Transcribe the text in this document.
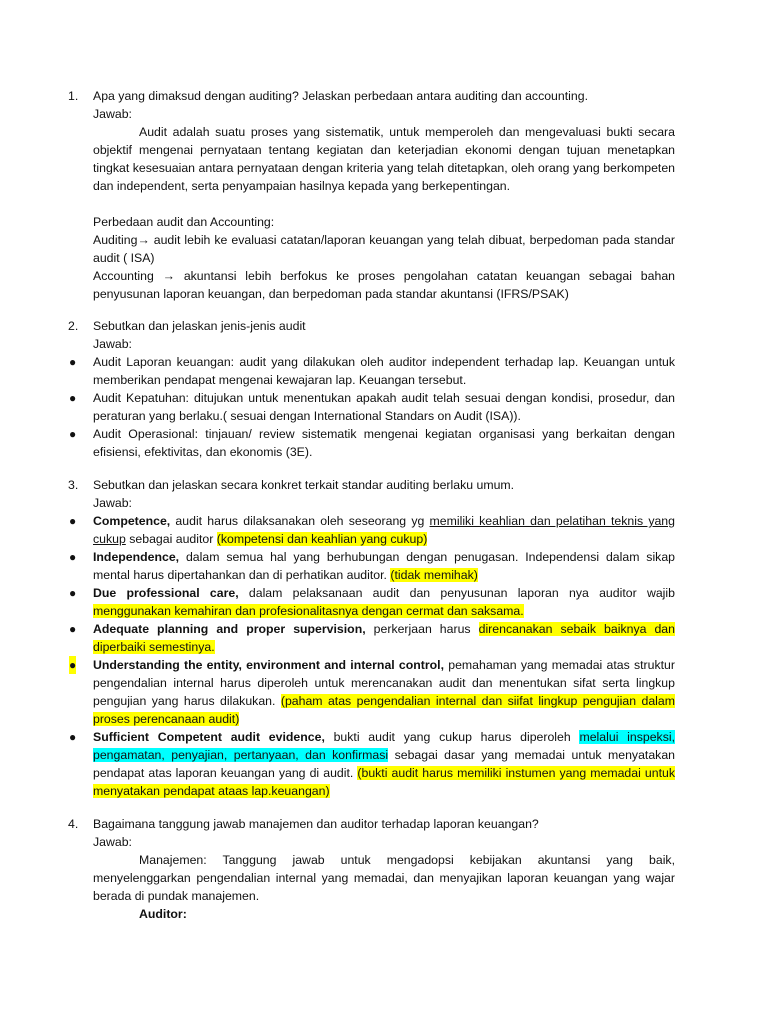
1. Apa yang dimaksud dengan auditing? Jelaskan perbedaan antara auditing dan accounting.
Jawab:
Audit adalah suatu proses yang sistematik, untuk memperoleh dan mengevaluasi bukti secara objektif mengenai pernyataan tentang kegiatan dan keterjadian ekonomi dengan tujuan menetapkan tingkat kesesuaian antara pernyataan dengan kriteria yang telah ditetapkan, oleh orang yang berkompeten dan independent, serta penyampaian hasilnya kepada yang berkepentingan.
Perbedaan audit dan Accounting:
Auditing→ audit lebih ke evaluasi catatan/laporan keuangan yang telah dibuat, berpedoman pada standar audit ( ISA)
Accounting → akuntansi lebih berfokus ke proses pengolahan catatan keuangan sebagai bahan penyusunan laporan keuangan, dan berpedoman pada standar akuntansi (IFRS/PSAK)
2. Sebutkan dan jelaskan jenis-jenis audit
Jawab:
● Audit Laporan keuangan: audit yang dilakukan oleh auditor independent terhadap lap. Keuangan untuk memberikan pendapat mengenai kewajaran lap. Keuangan tersebut.
● Audit Kepatuhan: ditujukan untuk menentukan apakah audit telah sesuai dengan kondisi, prosedur, dan peraturan yang berlaku.( sesuai dengan International Standars on Audit (ISA)).
● Audit Operasional: tinjauan/ review sistematik mengenai kegiatan organisasi yang berkaitan dengan efisiensi, efektivitas, dan ekonomis (3E).
3. Sebutkan dan jelaskan secara konkret terkait standar auditing berlaku umum.
Jawab:
● Competence, audit harus dilaksanakan oleh seseorang yg memiliki keahlian dan pelatihan teknis yang cukup sebagai auditor (kompetensi dan keahlian yang cukup)
● Independence, dalam semua hal yang berhubungan dengan penugasan. Independensi dalam sikap mental harus dipertahankan dan di perhatikan auditor. (tidak memihak)
● Due professional care, dalam pelaksanaan audit dan penyusunan laporan nya auditor wajib menggunakan kemahiran dan profesionalitasnya dengan cermat dan saksama.
● Adequate planning and proper supervision, perkerjaan harus direncanakan sebaik baiknya dan diperbaiki semestinya.
● Understanding the entity, environment and internal control, pemahaman yang memadai atas struktur pengendalian internal harus diperoleh untuk merencanakan audit dan menentukan sifat serta lingkup pengujian yang harus dilakukan. (paham atas pengendalian internal dan siifat lingkup pengujian dalam proses perencanaan audit)
● Sufficient Competent audit evidence, bukti audit yang cukup harus diperoleh melalui inspeksi, pengamatan, penyajian, pertanyaan, dan konfirmasi sebagai dasar yang memadai untuk menyatakan pendapat atas laporan keuangan yang di audit. (bukti audit harus memiliki instumen yang memadai untuk menyatakan pendapat ataas lap.keuangan)
4. Bagaimana tanggung jawab manajemen dan auditor terhadap laporan keuangan?
Jawab:
Manajemen: Tanggung jawab untuk mengadopsi kebijakan akuntansi yang baik, menyelenggarkan pengendalian internal yang memadai, dan menyajikan laporan keuangan yang wajar berada di pundak manajemen.
Auditor:
